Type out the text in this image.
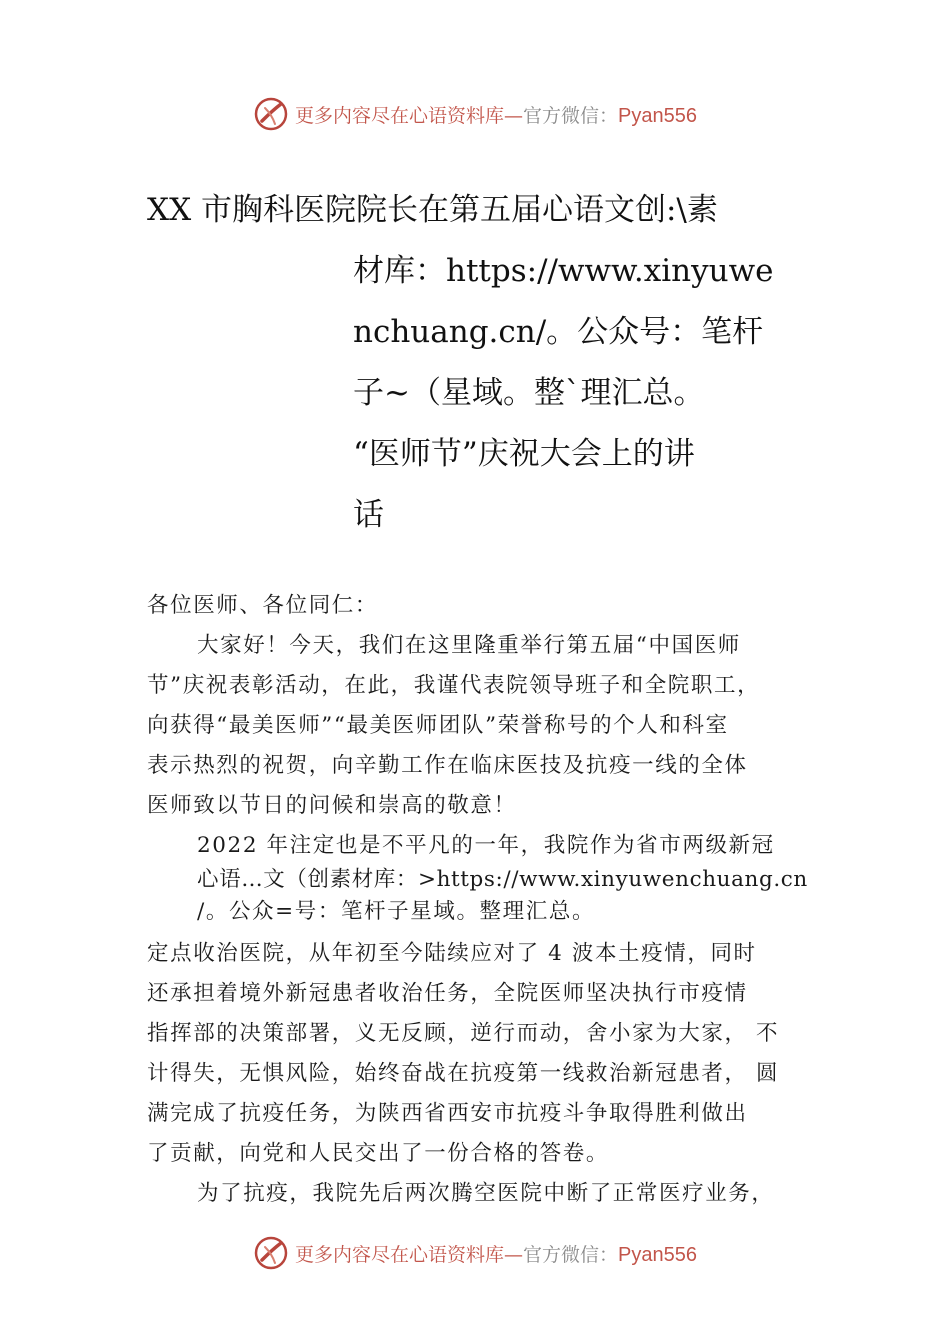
更多内容尽在心语资料库—官方微信：Pyan556
XX 市胸科医院院长在第五届心语文创:\素
材库：https://www.xinyuwe
nchuang.cn/。公众号：笔杆
子~（星域。整`理汇总。
“医师节”庆祝大会上的讲
话
各位医师、各位同仁：
大家好！今天，我们在这里隆重举行第五届“中国医师
节”庆祝表彰活动，在此，我谨代表院领导班子和全院职工，
向获得“最美医师”“最美医师团队”荣誉称号的个人和科室
表示热烈的祝贺，向辛勤工作在临床医技及抗疫一线的全体
医师致以节日的问候和崇高的敬意！
2022 年注定也是不平凡的一年，我院作为省市两级新冠
心语…文（创素材库：>https://www.xinyuwenchuang.cn
/。公众=号：笔杆子星域。整理汇总。
定点收治医院，从年初至今陆续应对了 4 波本土疫情，同时
还承担着境外新冠患者收治任务，全院医师坚决执行市疫情
指挥部的决策部署，义无反顾，逆行而动，舍小家为大家， 不
计得失，无惧风险，始终奋战在抗疫第一线救治新冠患者， 圆
满完成了抗疫任务，为陕西省西安市抗疫斗争取得胜利做出
了贡献，向党和人民交出了一份合格的答卷。
为了抗疫，我院先后两次腾空医院中断了正常医疗业务，
更多内容尽在心语资料库—官方微信：Pyan556
